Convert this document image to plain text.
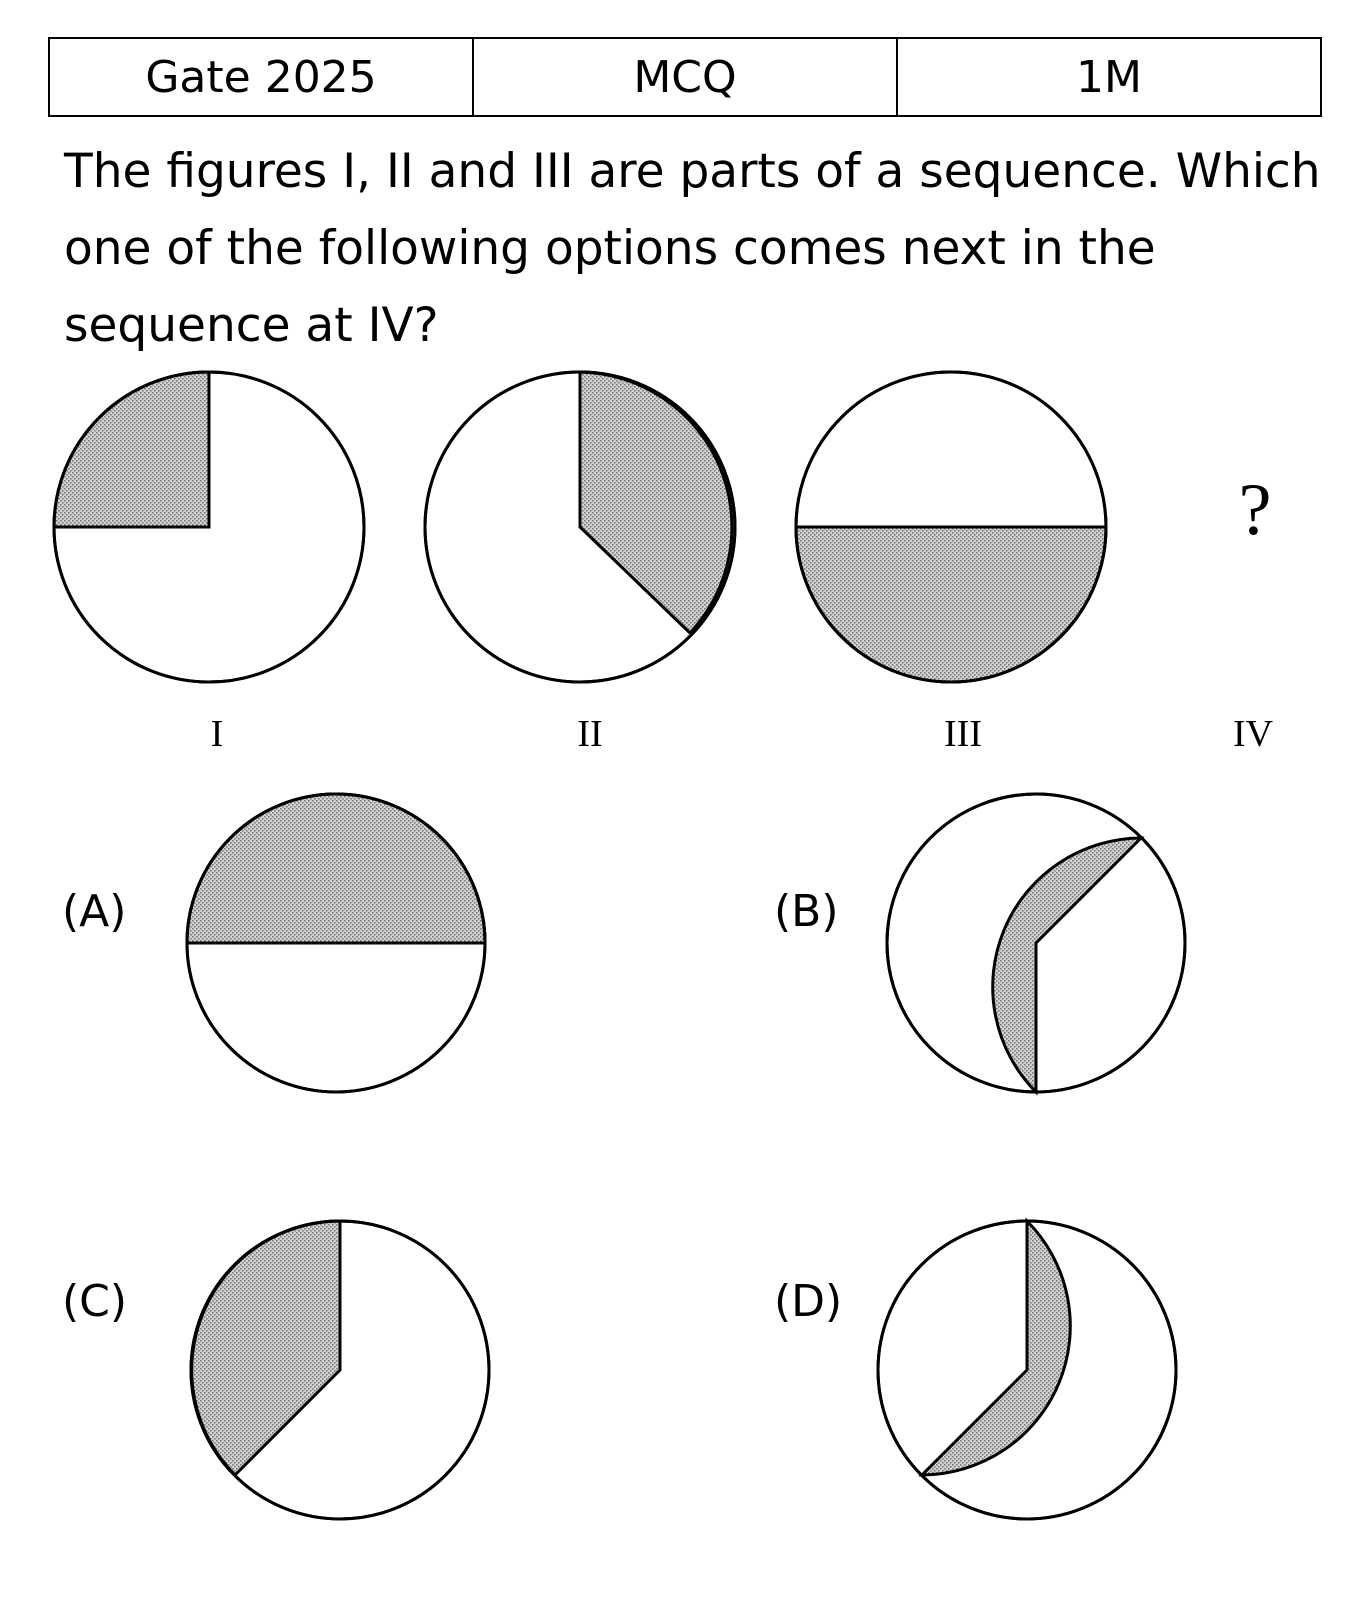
Gate 2025	MCQ	1M

The figures I, II and III are parts of a sequence. Which one of the following options comes next in the sequence at IV?

?
I	II	III	IV
(A)	(B)
(C)	(D)
